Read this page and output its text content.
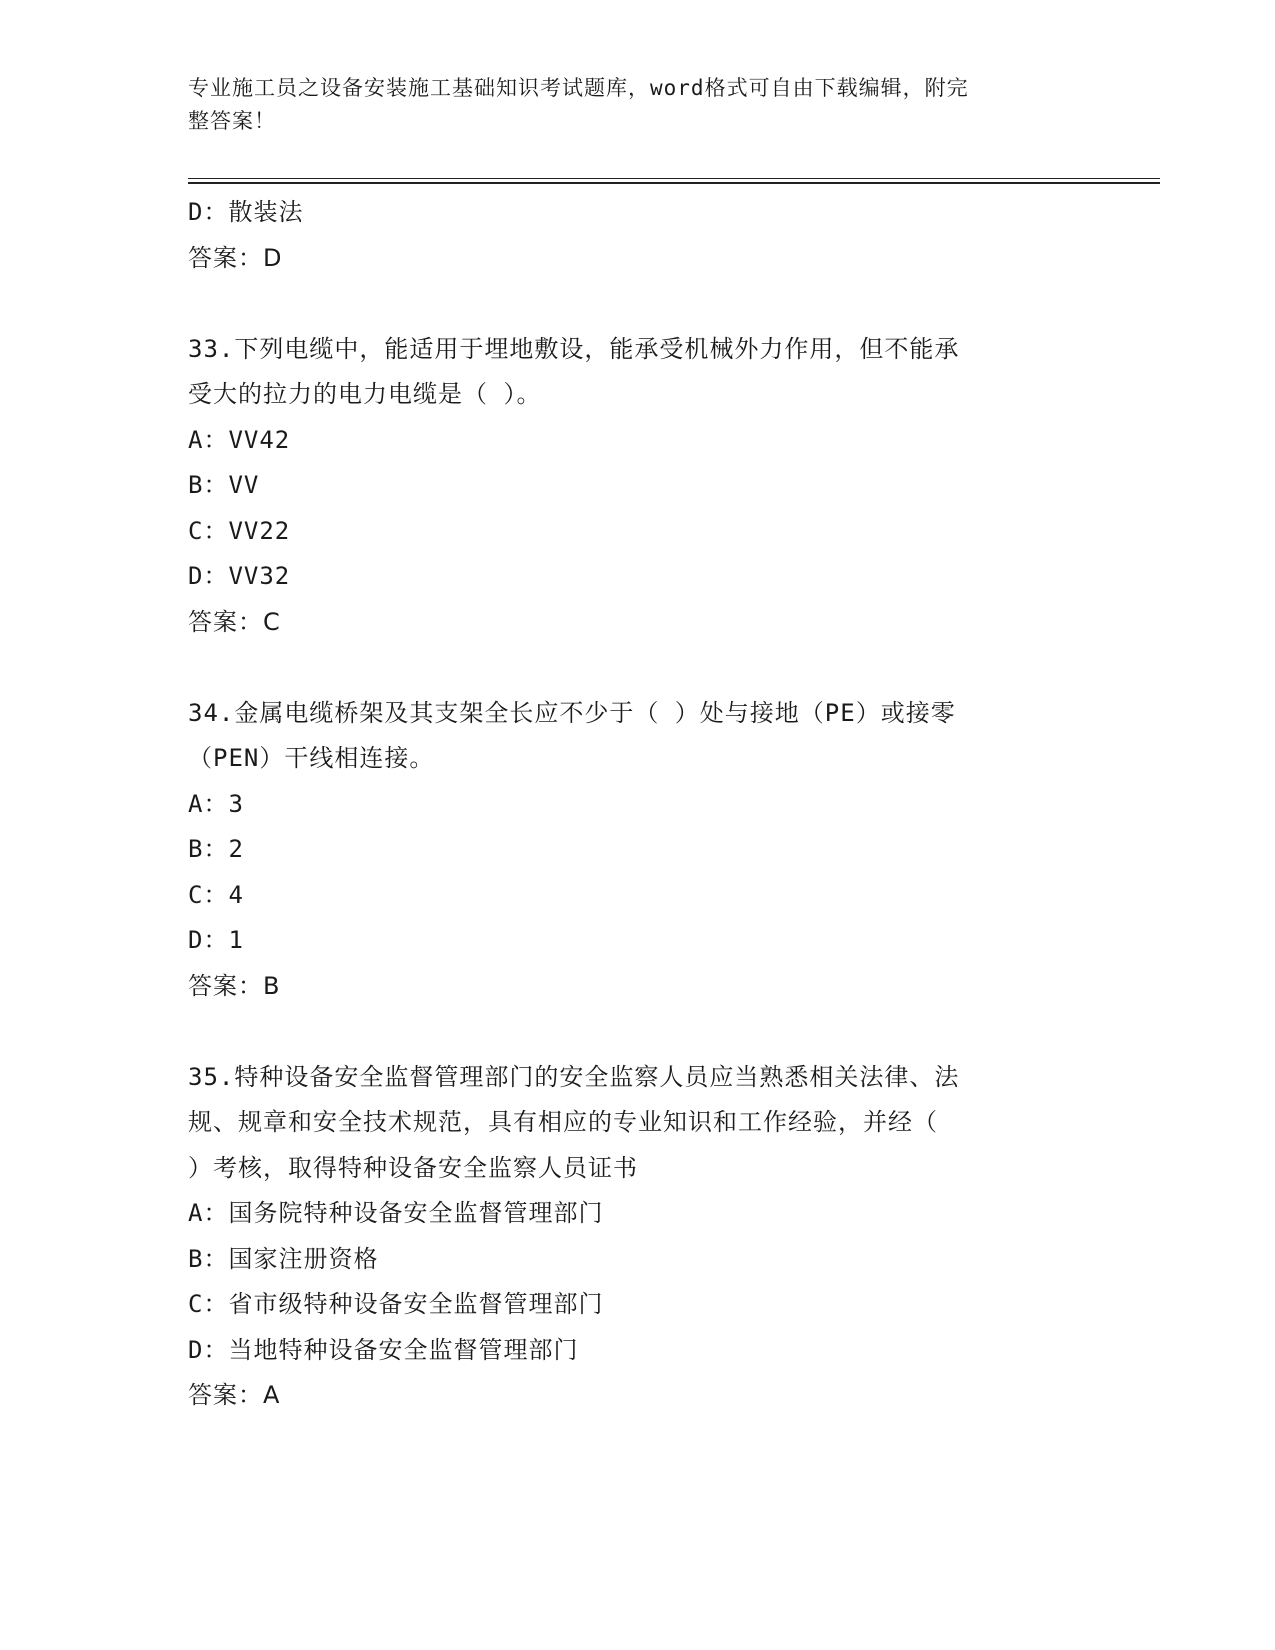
专业施工员之设备安装施工基础知识考试题库，word格式可自由下载编辑，附完
整答案！
D：散装法
答案：D
33.下列电缆中，能适用于埋地敷设，能承受机械外力作用，但不能承
受大的拉力的电力电缆是（ ）。
A：VV42
B：VV
C：VV22
D：VV32
答案：C
34.金属电缆桥架及其支架全长应不少于（ ）处与接地（PE）或接零
（PEN）干线相连接。
A：3
B：2
C：4
D：1
答案：B
35.特种设备安全监督管理部门的安全监察人员应当熟悉相关法律、法
规、规章和安全技术规范，具有相应的专业知识和工作经验，并经（
）考核，取得特种设备安全监察人员证书
A：国务院特种设备安全监督管理部门
B：国家注册资格
C：省市级特种设备安全监督管理部门
D：当地特种设备安全监督管理部门
答案：A
